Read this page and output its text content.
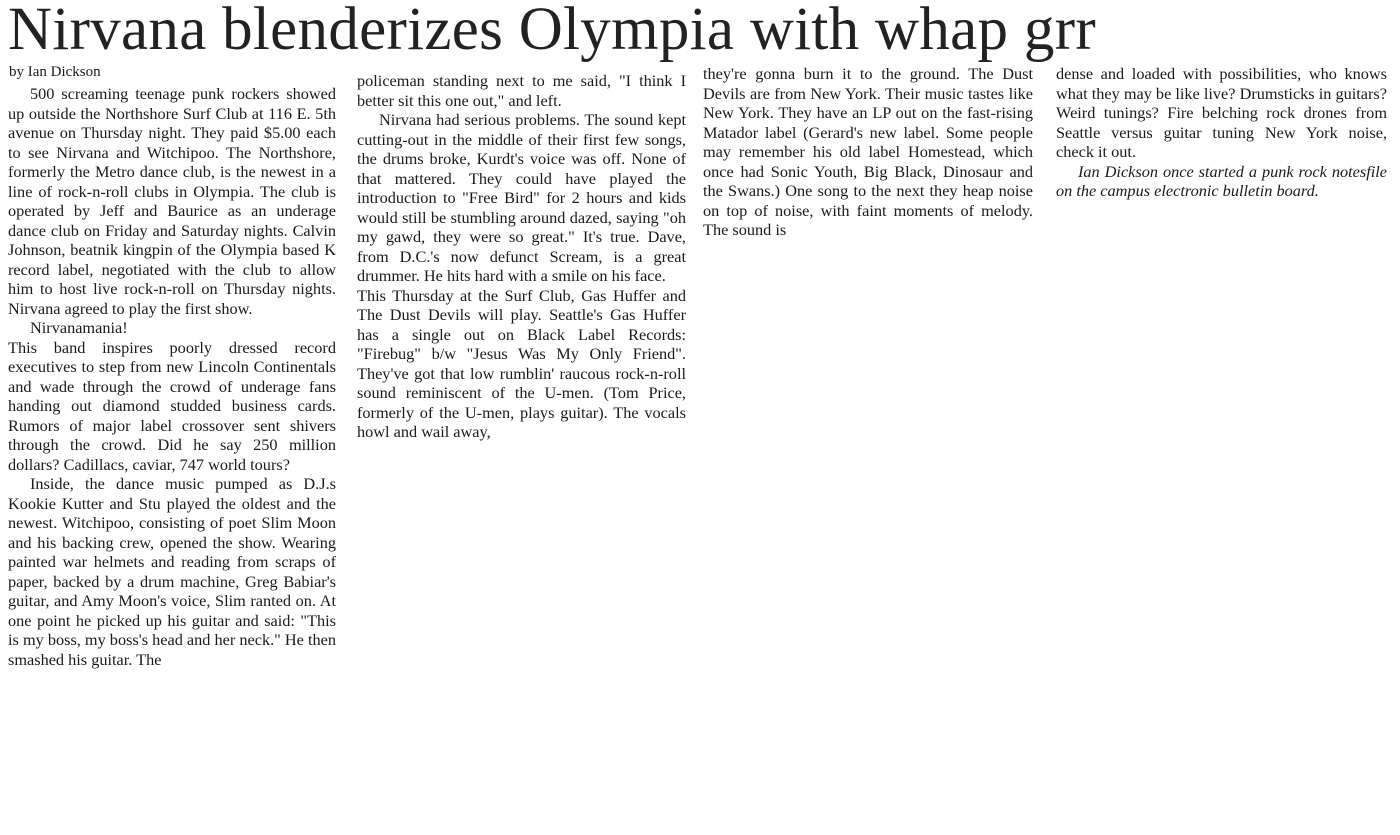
Nirvana blenderizes Olympia with whap grr
by Ian Dickson

500 screaming teenage punk rockers showed up outside the Northshore Surf Club at 116 E. 5th avenue on Thursday night. They paid $5.00 each to see Nirvana and Witchipoo. The Northshore, formerly the Metro dance club, is the newest in a line of rock-n-roll clubs in Olympia. The club is operated by Jeff and Baurice as an underage dance club on Friday and Saturday nights. Calvin Johnson, beatnik kingpin of the Olympia based K record label, negotiated with the club to allow him to host live rock-n-roll on Thursday nights. Nirvana agreed to play the first show.

Nirvanamania!

This band inspires poorly dressed record executives to step from new Lincoln Continentals and wade through the crowd of underage fans handing out diamond studded business cards. Rumors of major label crossover sent shivers through the crowd. Did he say 250 million dollars? Cadillacs, caviar, 747 world tours?

Inside, the dance music pumped as D.J.s Kookie Kutter and Stu played the oldest and the newest. Witchipoo, consisting of poet Slim Moon and his backing crew, opened the show. Wearing painted war helmets and reading from scraps of paper, backed by a drum machine, Greg Babiar's guitar, and Amy Moon's voice, Slim ranted on. At one point he picked up his guitar and said: "This is my boss, my boss's head and her neck." He then smashed his guitar. The

policeman standing next to me said, "I think I better sit this one out," and left.

Nirvana had serious problems. The sound kept cutting-out in the middle of their first few songs, the drums broke, Kurdt's voice was off. None of that mattered. They could have played the introduction to "Free Bird" for 2 hours and kids would still be stumbling around dazed, saying "oh my gawd, they were so great." It's true. Dave, from D.C.'s now defunct Scream, is a great drummer. He hits hard with a smile on his face.

This Thursday at the Surf Club, Gas Huffer and The Dust Devils will play. Seattle's Gas Huffer has a single out on Black Label Records: "Firebug" b/w "Jesus Was My Only Friend". They've got that low rumblin' raucous rock-n-roll sound reminiscent of the U-men. (Tom Price, formerly of the U-men, plays guitar). The vocals howl and wail away,

they're gonna burn it to the ground. The Dust Devils are from New York. Their music tastes like New York. They have an LP out on the fast-rising Matador label (Gerard's new label. Some people may remember his old label Homestead, which once had Sonic Youth, Big Black, Dinosaur and the Swans.) One song to the next they heap noise on top of noise, with faint moments of melody. The sound is

dense and loaded with possibilities, who knows what they may be like live? Drumsticks in guitars? Weird tunings? Fire belching rock drones from Seattle versus guitar tuning New York noise, check it out.

Ian Dickson once started a punk rock notesfile on the campus electronic bulletin board.
